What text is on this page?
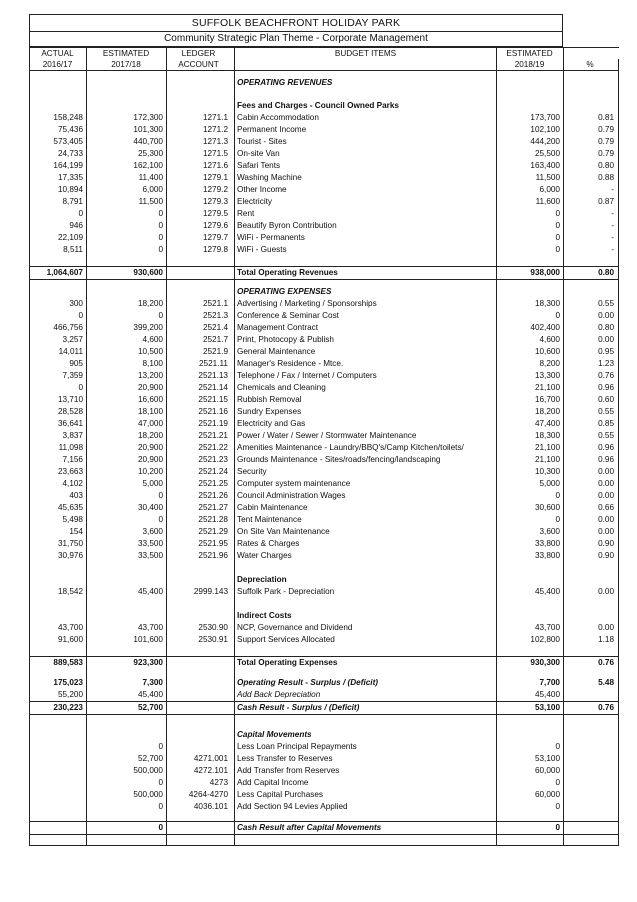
SUFFOLK BEACHFRONT HOLIDAY PARK
Community Strategic Plan Theme - Corporate Management
ACTUAL	ESTIMATED	LEDGER	BUDGET ITEMS	ESTIMATED	
2016/17	2017/18	ACCOUNT		2018/19	%

			OPERATING REVENUES		

			Fees and Charges - Council Owned Parks		
158,248	172,300	1271.1	Cabin Accommodation	173,700	0.81
75,436	101,300	1271.2	Permanent Income	102,100	0.79
573,405	440,700	1271.3	Tourist - Sites	444,200	0.79
24,733	25,300	1271.5	On-site Van	25,500	0.79
164,199	162,100	1271.6	Safari Tents	163,400	0.80
17,335	11,400	1279.1	Washing Machine	11,500	0.88
10,894	6,000	1279.2	Other Income	6,000	-
8,791	11,500	1279.3	Electricity	11,600	0.87
0	0	1279.5	Rent	0	-
946	0	1279.6	Beautify Byron Contribution	0	-
22,109	0	1279.7	WiFi - Permanents	0	-
8,511	0	1279.8	WiFi - Guests	0	-

1,064,607	930,600		Total Operating Revenues	938,000	0.80

			OPERATING EXPENSES		
300	18,200	2521.1	Advertising / Marketing / Sponsorships	18,300	0.55
0	0	2521.3	Conference & Seminar Cost	0	0.00
466,756	399,200	2521.4	Management Contract	402,400	0.80
3,257	4,600	2521.7	Print, Photocopy & Publish	4,600	0.00
14,011	10,500	2521.9	General Maintenance	10,600	0.95
905	8,100	2521.11	Manager's Residence - Mtce.	8,200	1.23
7,359	13,200	2521.13	Telephone / Fax / Internet / Computers	13,300	0.76
0	20,900	2521.14	Chemicals and Cleaning	21,100	0.96
13,710	16,600	2521.15	Rubbish Removal	16,700	0.60
28,528	18,100	2521.16	Sundry Expenses	18,200	0.55
36,641	47,000	2521.19	Electricity and Gas	47,400	0.85
3,837	18,200	2521.21	Power / Water / Sewer / Stormwater Maintenance	18,300	0.55
11,098	20,900	2521.22	Amenities Maintenance - Laundry/BBQ's/Camp Kitchen/toilets/	21,100	0.96
7,156	20,900	2521.23	Grounds Maintenance - Sites/roads/fencing/landscaping	21,100	0.96
23,663	10,200	2521.24	Security	10,300	0.00
4,102	5,000	2521.25	Computer system maintenance	5,000	0.00
403	0	2521.26	Council Administration Wages	0	0.00
45,635	30,400	2521.27	Cabin Maintenance	30,600	0.66
5,498	0	2521.28	Tent Maintenance	0	0.00
154	3,600	2521.29	On Site Van Maintenance	3,600	0.00
31,750	33,500	2521.95	Rates & Charges	33,800	0.90
30,976	33,500	2521.96	Water Charges	33,800	0.90

			Depreciation		
18,542	45,400	2999.143	Suffolk Park - Depreciation	45,400	0.00

			Indirect Costs		
43,700	43,700	2530.90	NCP, Governance and Dividend	43,700	0.00
91,600	101,600	2530.91	Support Services Allocated	102,800	1.18

889,583	923,300		Total Operating Expenses	930,300	0.76

175,023	7,300		Operating Result - Surplus / (Deficit)	7,700	5.48
55,200	45,400		Add Back Depreciation	45,400	
230,223	52,700		Cash Result - Surplus / (Deficit)	53,100	0.76

			Capital Movements		
	0		Less Loan Principal Repayments	0	
	52,700	4271.001	Less Transfer to Reserves	53,100	
	500,000	4272.101	Add Transfer from Reserves	60,000	
	0	4273	Add Capital Income	0	
	500,000	4264-4270	Less Capital Purchases	60,000	
	0	4036.101	Add Section 94 Levies Applied	0	

	0		Cash Result after Capital Movements	0	
